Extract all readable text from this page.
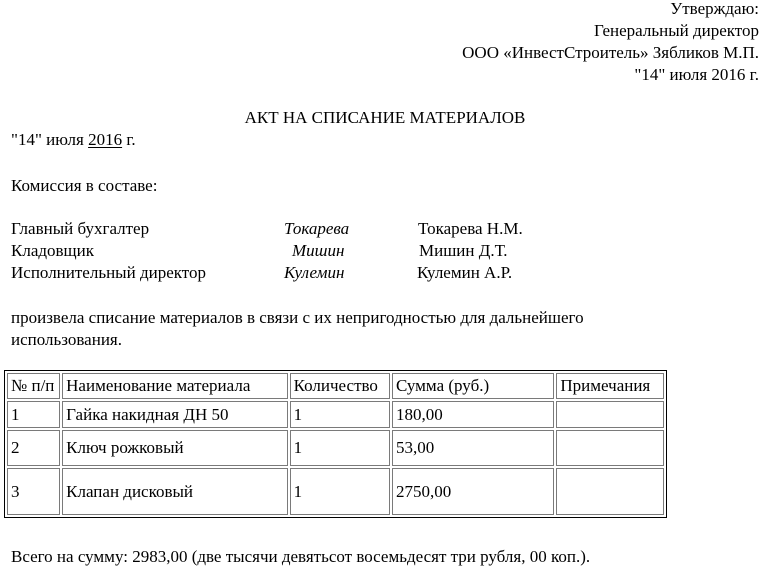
Утверждаю:
Генеральный директор
ООО «ИнвестСтроитель» Зябликов М.П.
"14" июля 2016 г.
АКТ НА СПИСАНИЕ МАТЕРИАЛОВ
"14" июля 2016 г.
Комиссия в составе:
Главный бухгалтер	Токарева	Токарева Н.М.
Кладовщик	Мишин	Мишин Д.Т.
Исполнительный директор	Кулемин	Кулемин А.Р.
произвела списание материалов в связи с их непригодностью для дальнейшего
использования.
№ п/п	Наименование материала	Количество	Сумма (руб.)	Примечания
1	Гайка накидная ДН 50	1	180,00	
2	Ключ рожковый	1	53,00	
3	Клапан дисковый	1	2750,00	
Всего на сумму: 2983,00 (две тысячи девятьсот восемьдесят три рубля, 00 коп.).
